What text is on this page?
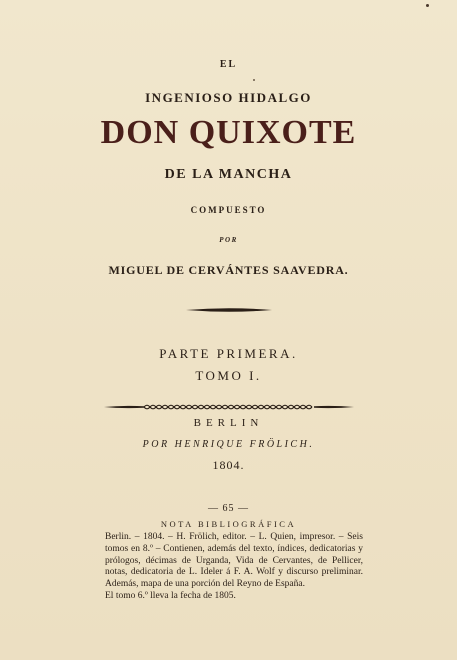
EL
INGENIOSO HIDALGO
DON QUIXOTE
DE LA MANCHA
COMPUESTO
POR
MIGUEL DE CERVÁNTES SAAVEDRA.
PARTE PRIMERA.
TOMO I.
BERLIN
POR HENRIQUE FRÖLICH.
1804.
— 65 —
NOTA BIBLIOGRÁFICA

Berlin. – 1804. – H. Frölich, editor. – L. Quien, impresor. – Seis tomos en 8.º – Contienen, además del texto, índices, dedicatorias y prólogos, décimas de Urganda, Vida de Cervantes, de Pellicer, notas, dedicatoria de L. Ideler á F. A. Wolf y discurso preliminar. Además, mapa de una porción del Reyno de España.

El tomo 6.º lleva la fecha de 1805.
